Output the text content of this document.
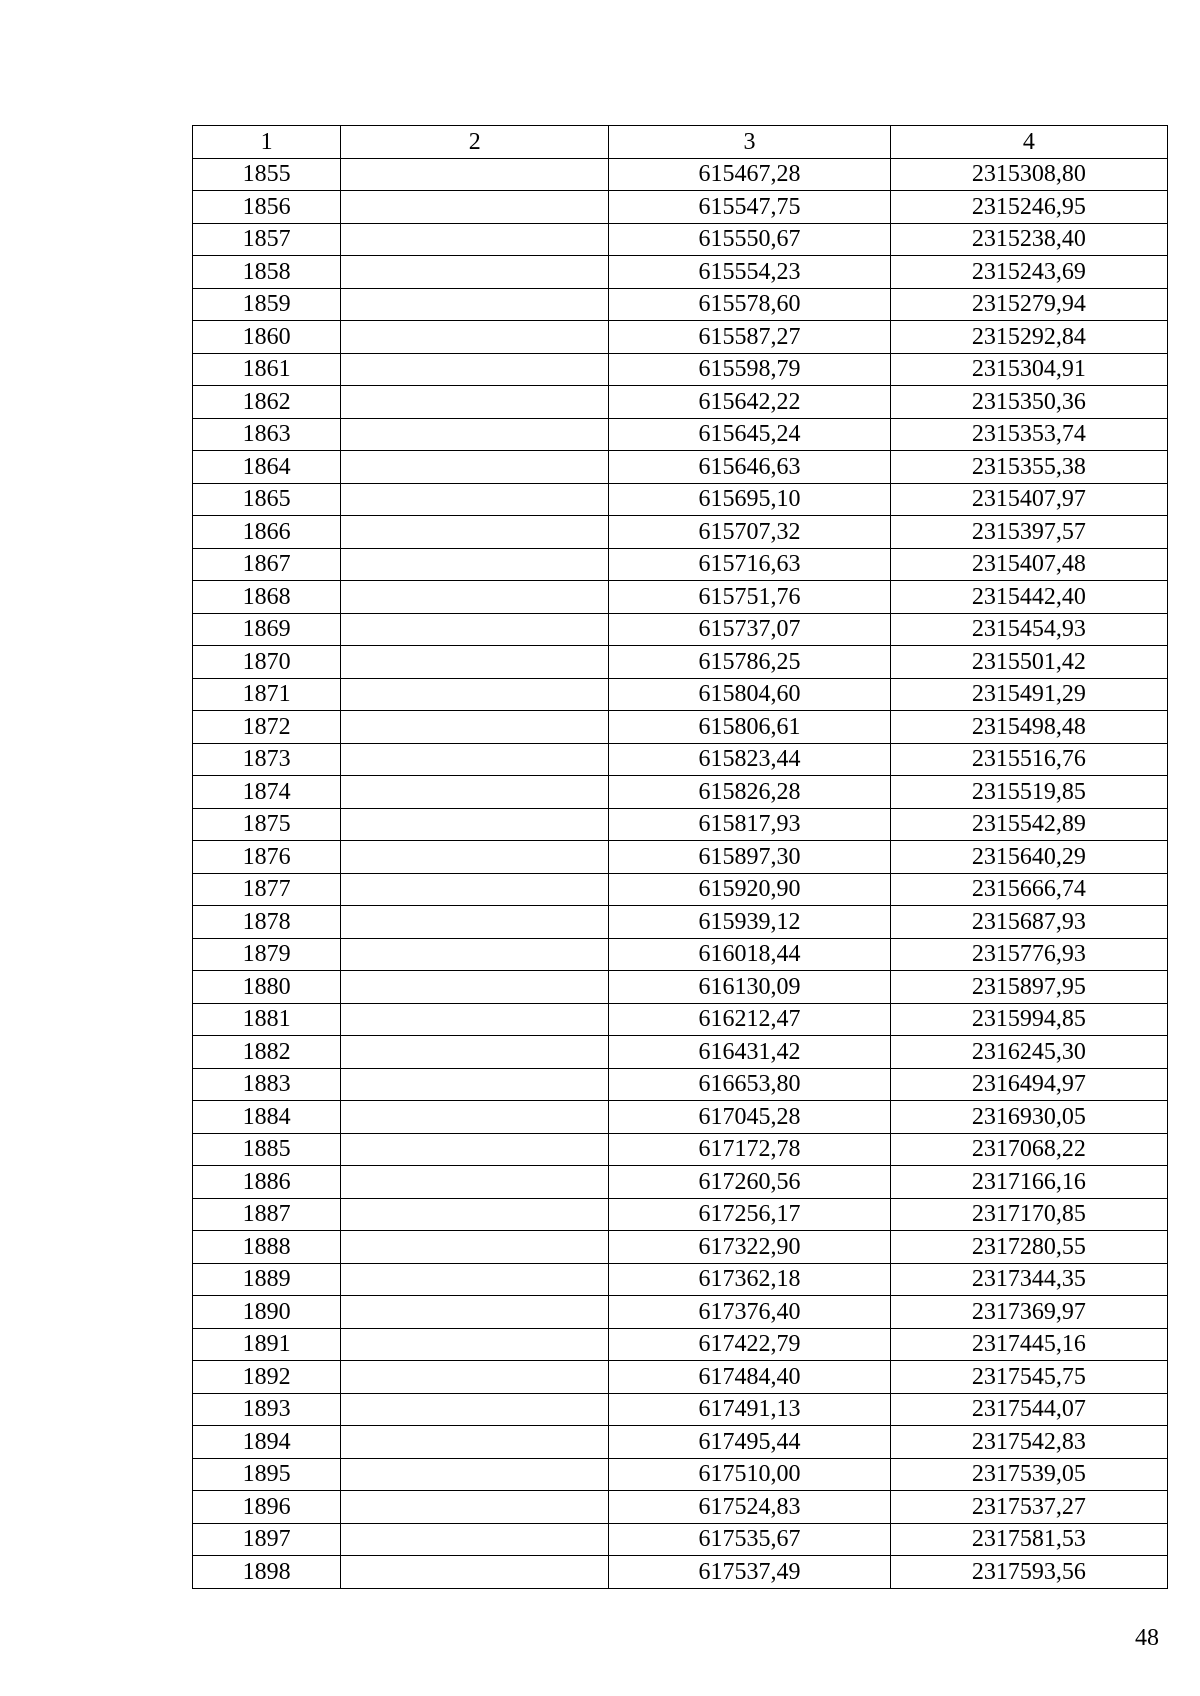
1	2	3	4
1855		615467,28	2315308,80
1856		615547,75	2315246,95
1857		615550,67	2315238,40
1858		615554,23	2315243,69
1859		615578,60	2315279,94
1860		615587,27	2315292,84
1861		615598,79	2315304,91
1862		615642,22	2315350,36
1863		615645,24	2315353,74
1864		615646,63	2315355,38
1865		615695,10	2315407,97
1866		615707,32	2315397,57
1867		615716,63	2315407,48
1868		615751,76	2315442,40
1869		615737,07	2315454,93
1870		615786,25	2315501,42
1871		615804,60	2315491,29
1872		615806,61	2315498,48
1873		615823,44	2315516,76
1874		615826,28	2315519,85
1875		615817,93	2315542,89
1876		615897,30	2315640,29
1877		615920,90	2315666,74
1878		615939,12	2315687,93
1879		616018,44	2315776,93
1880		616130,09	2315897,95
1881		616212,47	2315994,85
1882		616431,42	2316245,30
1883		616653,80	2316494,97
1884		617045,28	2316930,05
1885		617172,78	2317068,22
1886		617260,56	2317166,16
1887		617256,17	2317170,85
1888		617322,90	2317280,55
1889		617362,18	2317344,35
1890		617376,40	2317369,97
1891		617422,79	2317445,16
1892		617484,40	2317545,75
1893		617491,13	2317544,07
1894		617495,44	2317542,83
1895		617510,00	2317539,05
1896		617524,83	2317537,27
1897		617535,67	2317581,53
1898		617537,49	2317593,56
48
